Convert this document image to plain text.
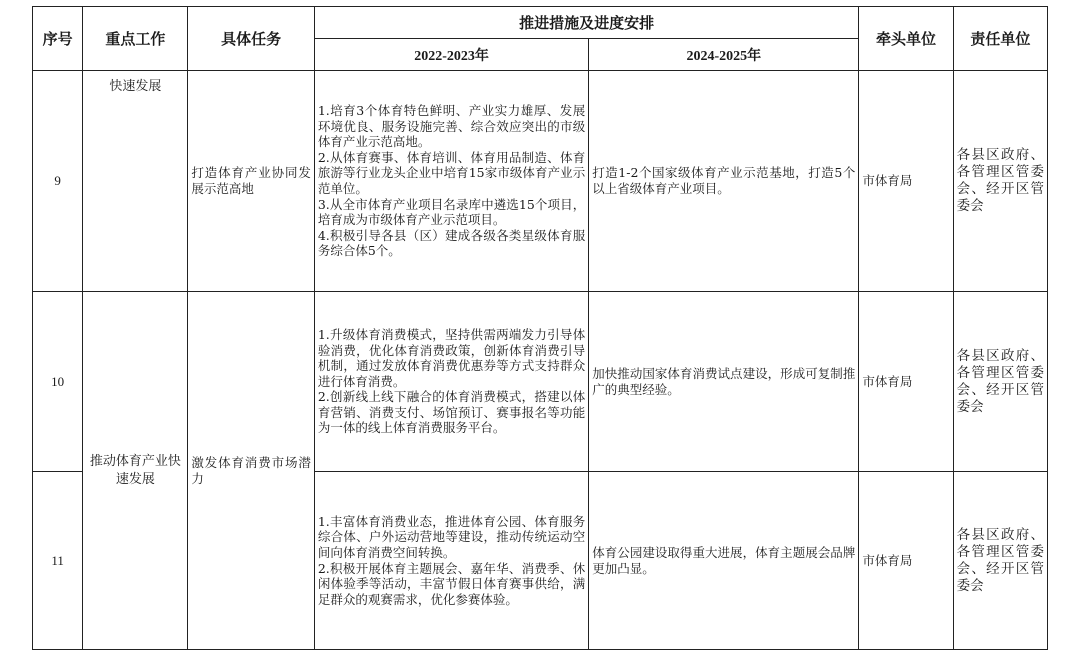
序号	重点工作	具体任务	推进措施及进度安排		牵头单位	责任单位
			2022-2023年	2024-2025年		
9	快速发展	打造体育产业协同发展示范高地	1.培育3个体育特色鲜明、产业实力雄厚、发展环境优良、服务设施完善、综合效应突出的市级体育产业示范高地。

2.从体育赛事、体育培训、体育用品制造、体育旅游等行业龙头企业中培育15家市级体育产业示范单位。

3.从全市体育产业项目名录库中遴选15个项目，培育成为市级体育产业示范项目。

4.积极引导各县（区）建成各级各类星级体育服务综合体5个。	打造1-2个国家级体育产业示范基地，打造5个以上省级体育产业项目。	市体育局	各县区政府、各管理区管委会、经开区管委会
10	推动体育产业快速发展	激发体育消费市场潜力	1.升级体育消费模式，坚持供需两端发力引导体验消费，优化体育消费政策，创新体育消费引导机制，通过发放体育消费优惠券等方式支持群众进行体育消费。

2.创新线上线下融合的体育消费模式，搭建以体育营销、消费支付、场馆预订、赛事报名等功能为一体的线上体育消费服务平台。	加快推动国家体育消费试点建设，形成可复制推广的典型经验。	市体育局	各县区政府、各管理区管委会、经开区管委会
11			1.丰富体育消费业态，推进体育公园、体育服务综合体、户外运动营地等建设，推动传统运动空间向体育消费空间转换。

2.积极开展体育主题展会、嘉年华、消费季、休闲体验季等活动，丰富节假日体育赛事供给，满足群众的观赛需求，优化参赛体验。	体育公园建设取得重大进展，体育主题展会品牌更加凸显。	市体育局	各县区政府、各管理区管委会、经开区管委会
